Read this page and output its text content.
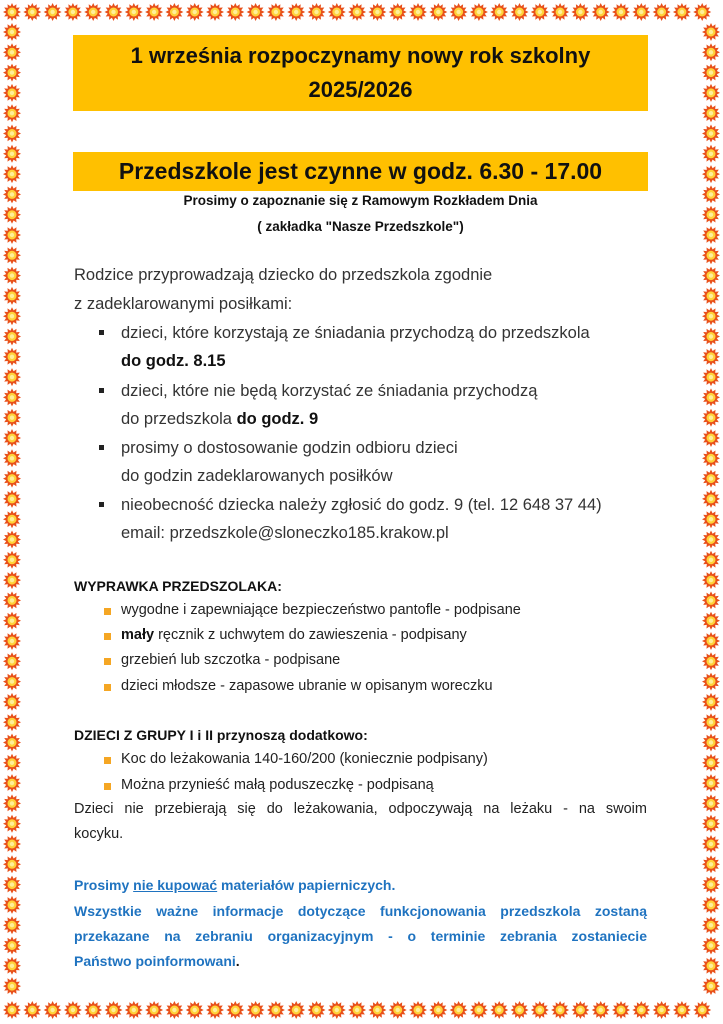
1 września rozpoczynamy nowy rok szkolny
2025/2026
Przedszkole jest czynne w godz. 6.30 - 17.00
Prosimy o zapoznanie się z Ramowym Rozkładem Dnia
( zakładka "Nasze Przedszkole")
Rodzice przyprowadzają dziecko do przedszkola zgodnie
z zadeklarowanymi posiłkami:
dzieci, które korzystają ze śniadania przychodzą do przedszkola
do godz. 8.15
dzieci, które nie będą korzystać ze śniadania przychodzą
do przedszkola do godz. 9
prosimy o dostosowanie godzin odbioru dzieci
do godzin zadeklarowanych posiłków
nieobecność dziecka należy zgłosić do godz. 9 (tel. 12 648 37 44)
email: przedszkole@sloneczko185.krakow.pl
WYPRAWKA PRZEDSZOLAKA:
wygodne i zapewniające bezpieczeństwo pantofle - podpisane
mały ręcznik z uchwytem do zawieszenia - podpisany
grzebień lub szczotka - podpisane
dzieci młodsze - zapasowe ubranie w opisanym woreczku
DZIECI Z GRUPY I i II przynoszą dodatkowo:
Koc do leżakowania 140-160/200 (koniecznie podpisany)
Można przynieść małą poduszeczkę - podpisaną
Dzieci nie przebierają się do leżakowania, odpoczywają na leżaku - na swoim
kocyku.
Prosimy nie kupować materiałów papierniczych.
Wszystkie ważne informacje dotyczące funkcjonowania przedszkola zostaną
przekazane na zebraniu organizacyjnym - o terminie zebrania zostaniecie
Państwo poinformowani.
